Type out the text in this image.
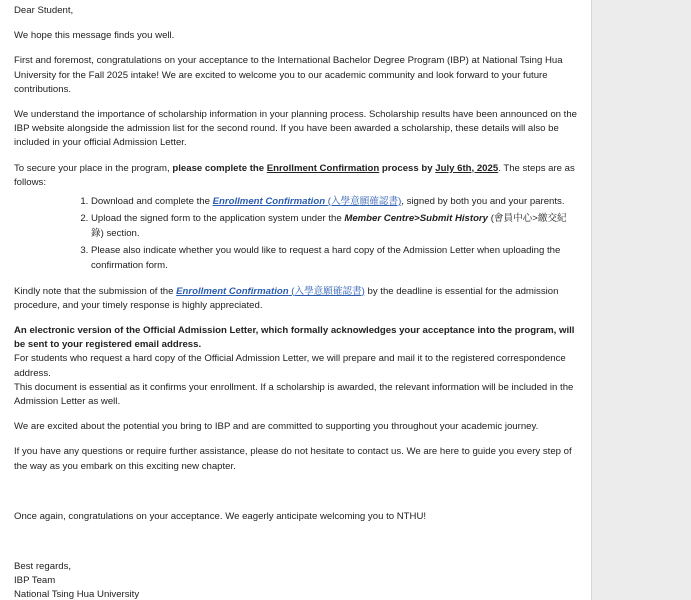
Dear Student,

We hope this message finds you well.

First and foremost, congratulations on your acceptance to the International Bachelor Degree Program (IBP) at National Tsing Hua University for the Fall 2025 intake! We are excited to welcome you to our academic community and look forward to your future contributions.

We understand the importance of scholarship information in your planning process. Scholarship results have been announced on the IBP website alongside the admission list for the second round. If you have been awarded a scholarship, these details will also be included in your official Admission Letter.

To secure your place in the program, please complete the Enrollment Confirmation process by July 6th, 2025. The steps are as follows:

1. Download and complete the Enrollment Confirmation (入學意願確認書), signed by both you and your parents.
2. Upload the signed form to the application system under the Member Centre>Submit History (會員中心>繳交紀錄) section.
3. Please also indicate whether you would like to request a hard copy of the Admission Letter when uploading the confirmation form.

Kindly note that the submission of the Enrollment Confirmation (入學意願確認書) by the deadline is essential for the admission procedure, and your timely response is highly appreciated.

An electronic version of the Official Admission Letter, which formally acknowledges your acceptance into the program, will be sent to your registered email address.

For students who request a hard copy of the Official Admission Letter, we will prepare and mail it to the registered correspondence address.

This document is essential as it confirms your enrollment. If a scholarship is awarded, the relevant information will be included in the Admission Letter as well.

We are excited about the potential you bring to IBP and are committed to supporting you throughout your academic journey.

If you have any questions or require further assistance, please do not hesitate to contact us. We are here to guide you every step of the way as you embark on this exciting new chapter.

Once again, congratulations on your acceptance. We eagerly anticipate welcoming you to NTHU!

Best regards,

IBP Team

National Tsing Hua University
